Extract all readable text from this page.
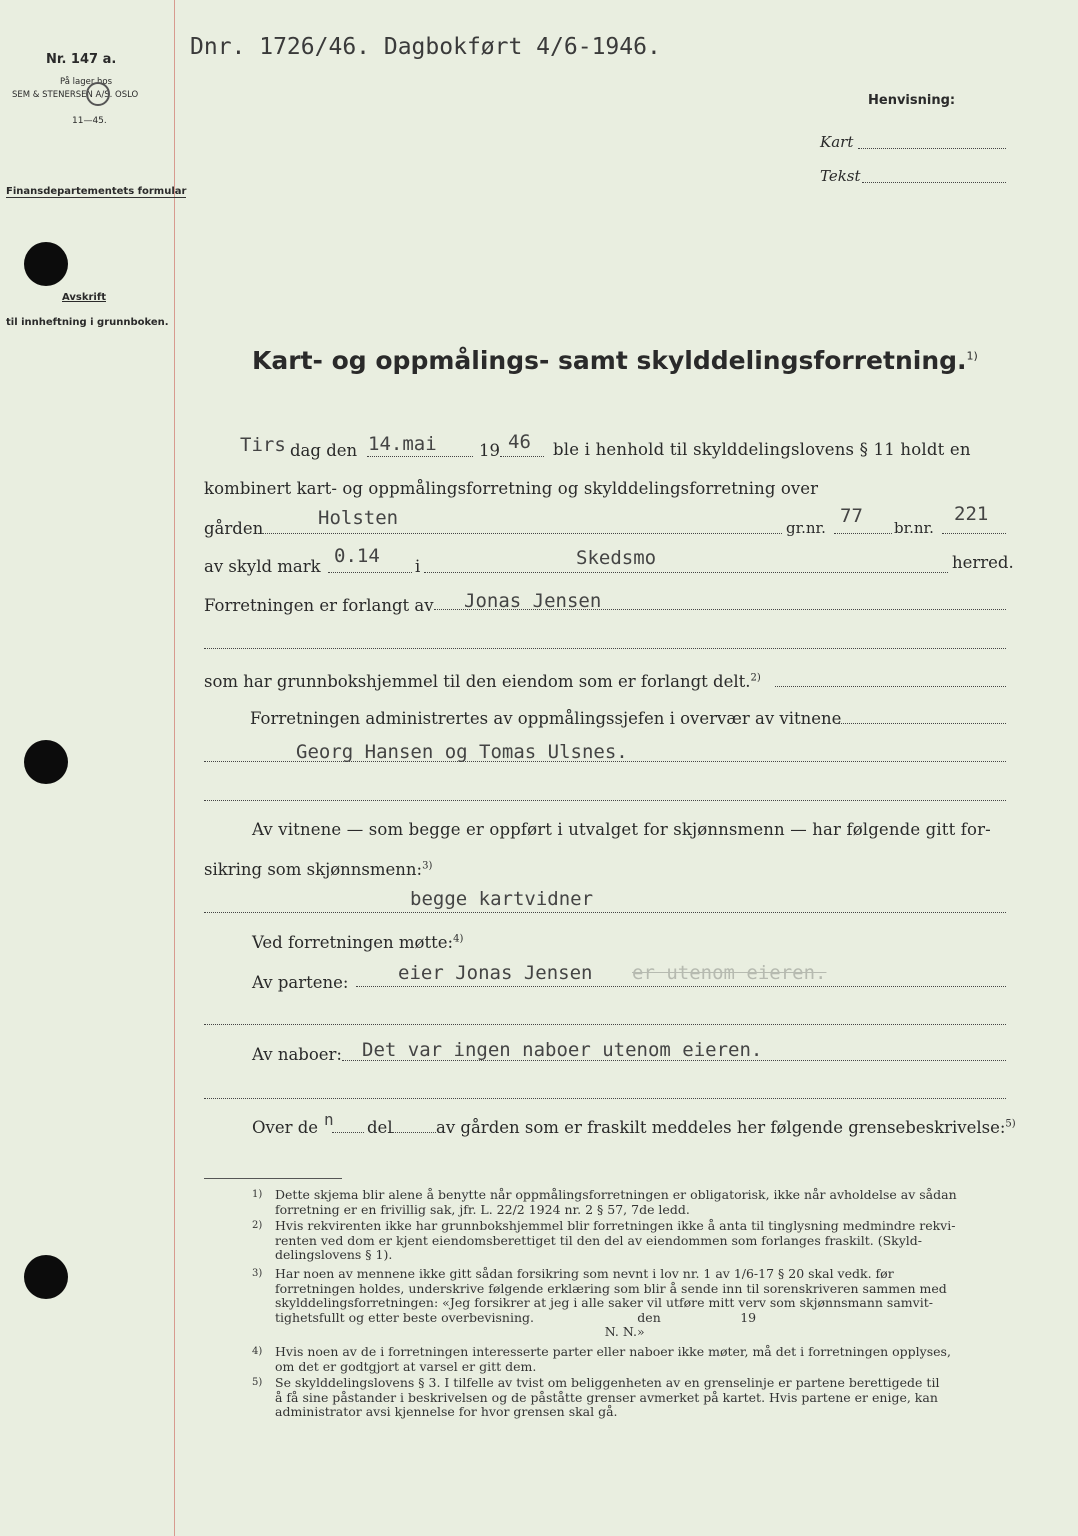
Nr. 147 a.
På lager hos
SEM & STENERSEN A/S. OSLO
11—45.
Finansdepartementets formular
Avskrift
til innheftning i grunnboken.
Dnr. 1726/46. Dagbokført 4/6-1946.
Henvisning:
Kart
Tekst
Kart- og oppmålings- samt skylddelingsforretning.$^{1)}$
Tirs dag den 14.mai	19 46 ble i henhold til skylddelingslovens § 11 holdt en
kombinert kart- og oppmålingsforretning og skylddelingsforretning over
gården	Holsten	gr.nr.
77
br.nr.
221
av skyld mark 0.14 i	Skedsmo	herred.
Forretningen er forlangt av Jonas Jensen
som har grunnbokshjemmel til den eiendom som er forlangt delt.$^{2)}$
Forretningen administrertes av oppmålingssjefen i overvær av vitnene
Georg Hansen og Tomas Ulsnes.
Av vitnene — som begge er oppført i utvalget for skjønnsmenn — har følgende gitt for-
sikring som skjønnsmenn:$^{3)}$
begge kartvidner
Ved forretningen møtte:$^{4)}$
Av partene:	eier Jonas Jensen er utenom eieren.
Av naboer: Det var ingen naboer utenom eieren.
Over de n del	av gården som er fraskilt meddeles her følgende grensebeskrivelse:$^{5)}$
1) Dette skjema blir alene å benytte når oppmålingsforretningen er obligatorisk, ikke når avholdelse av sådan
forretning er en frivillig sak, jfr. L. 22/2 1924 nr. 2 § 57, 7de ledd.
2) Hvis rekvirenten ikke har grunnbokshjemmel blir forretningen ikke å anta til tinglysning medmindre rekvi-
renten ved dom er kjent eiendomsberettiget til den del av eiendommen som forlanges fraskilt. (Skyld-
delingslovens § 1).
3) Har noen av mennene ikke gitt sådan forsikring som nevnt i lov nr. 1 av 1/6-17 § 20 skal vedk. før
forretningen holdes, underskrive følgende erklæring som blir å sende inn til sorenskriveren sammen med
skylddelingsforretningen: «Jeg forsikrer at jeg i alle saker vil utføre mitt verv som skjønnsmann samvit-
tighetsfullt og etter beste overbevisning.                          den                    19
N. N.»
4) Hvis noen av de i forretningen interesserte parter eller naboer ikke møter, må det i forretningen opplyses,
om det er godtgjort at varsel er gitt dem.
5) Se skylddelingslovens § 3. I tilfelle av tvist om beliggenheten av en grenselinje er partene berettigede til
å få sine påstander i beskrivelsen og de påståtte grenser avmerket på kartet. Hvis partene er enige, kan
administrator avsi kjennelse for hvor grensen skal gå.
